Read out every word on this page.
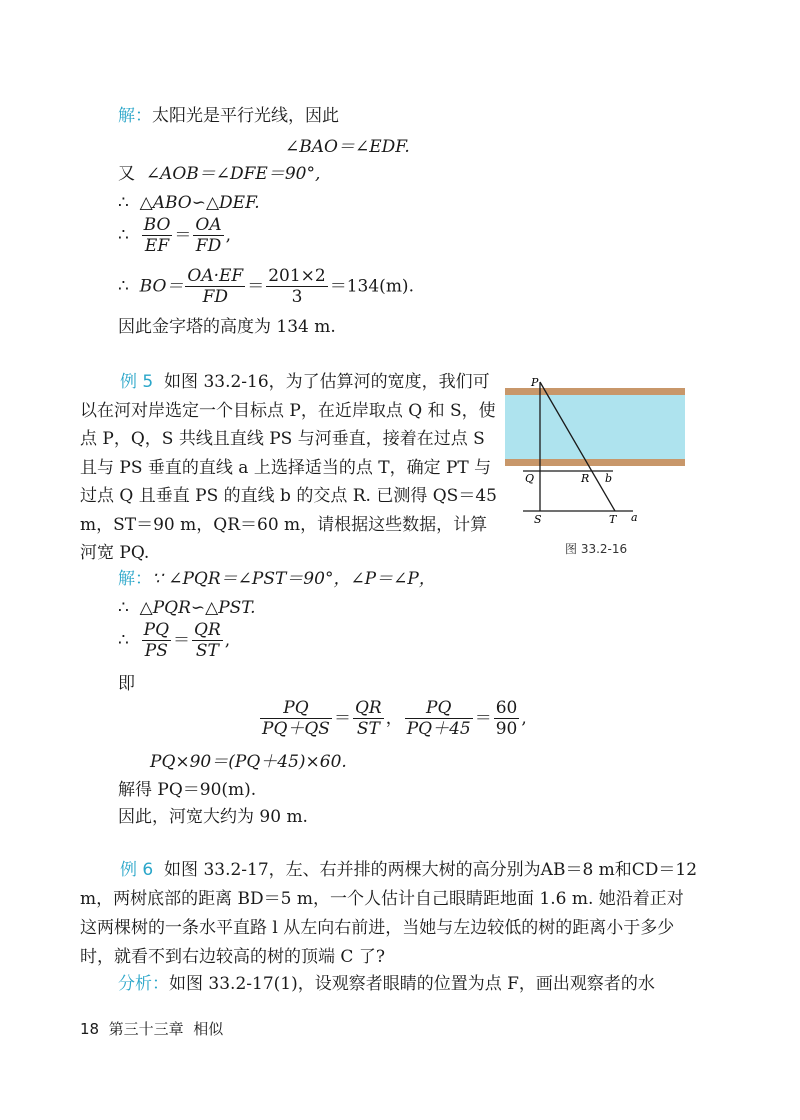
解：太阳光是平行光线，因此
∠BAO＝∠EDF.
又 ∠AOB＝∠DFE＝90°,
∴ △ABO∽△DEF.
∴ $\frac{BO}{EF} = \frac{OA}{FD}$ ,
∴ $BO= \frac{OA\cdot EF}{FD} = \frac{201\times 2}{3} =134(m)$.
因此金字塔的高度为 134 m.
例 5 如图 33.2-16，为了估算河的宽度，我们可以在河对岸选定一个目标点 P，在近岸取点 Q 和 S，使点 P，Q，S 共线且直线 PS 与河垂直，接着在过点 S 且与 PS 垂直的直线 a 上选择适当的点 T，确定 PT 与过点 Q 且垂直 PS 的直线 b 的交点 R. 已测得 QS＝45 m，ST＝90 m，QR＝60 m，请根据这些数据，计算河宽 PQ.
P
Q	R b
S	T a
图 33.2-16
解：∵ ∠PQR＝∠PST＝90°，∠P＝∠P，
∴ △PQR∽△PST.
∴ $\frac{PQ}{PS} = \frac{QR}{ST}$ ,
即
$\frac{PQ}{PQ+QS} = \frac{QR}{ST}$ ， $\frac{PQ}{PQ+45} = \frac{60}{90}$ ,
PQ×90＝(PQ＋45)×60.
解得 PQ＝90(m).
因此，河宽大约为 90 m.
例 6 如图 33.2-17，左、右并排的两棵大树的高分别为AB＝8 m和CD＝12 m，两树底部的距离 BD＝5 m，一个人估计自己眼睛距地面 1.6 m. 她沿着正对这两棵树的一条水平直路 l 从左向右前进，当她与左边较低的树的距离小于多少时，就看不到右边较高的树的顶端 C 了?
分析：如图 33.2-17(1)，设观察者眼睛的位置为点 F，画出观察者的水
18 第三十三章 相似
